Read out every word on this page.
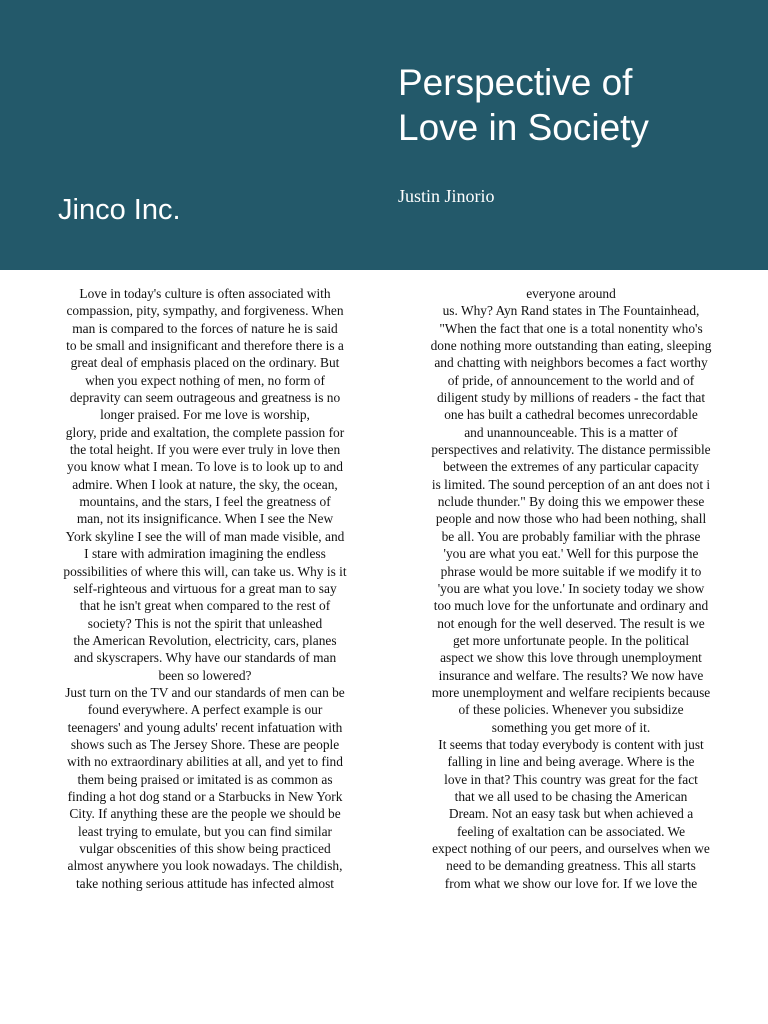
Perspective of
Love in Society
Justin Jinorio
Jinco Inc.
Love in today's culture is often associated with
compassion, pity, sympathy, and forgiveness. When
man is compared to the forces of nature he is said
to be small and insignificant and therefore there is a
great deal of emphasis placed on the ordinary. But
when you expect nothing of men, no form of
depravity can seem outrageous and greatness is no
longer praised. For me love is worship,
glory, pride and exaltation, the complete passion for
the total height. If you were ever truly in love then
you know what I mean. To love is to look up to and
admire. When I look at nature, the sky, the ocean,
mountains, and the stars, I feel the greatness of
man, not its insignificance. When I see the New
York skyline I see the will of man made visible, and
I stare with admiration imagining the endless
possibilities of where this will, can take us. Why is it
self-righteous and virtuous for a great man to say
that he isn't great when compared to the rest of
society? This is not the spirit that unleashed
the American Revolution, electricity, cars, planes
and skyscrapers. Why have our standards of man
been so lowered?
Just turn on the TV and our standards of men can be
found everywhere. A perfect example is our
teenagers' and young adults' recent infatuation with
shows such as The Jersey Shore. These are people
with no extraordinary abilities at all, and yet to find
them being praised or imitated is as common as
finding a hot dog stand or a Starbucks in New York
City. If anything these are the people we should be
least trying to emulate, but you can find similar
vulgar obscenities of this show being practiced
almost anywhere you look nowadays. The childish,
take nothing serious attitude has infected almost
everyone around
us. Why? Ayn Rand states in The Fountainhead,
"When the fact that one is a total nonentity who's
done nothing more outstanding than eating, sleeping
and chatting with neighbors becomes a fact worthy
of pride, of announcement to the world and of
diligent study by millions of readers - the fact that
one has built a cathedral becomes unrecordable
and unannounceable. This is a matter of
perspectives and relativity. The distance permissible
between the extremes of any particular capacity
is limited. The sound perception of an ant does not i
nclude thunder." By doing this we empower these
people and now those who had been nothing, shall
be all. You are probably familiar with the phrase
'you are what you eat.' Well for this purpose the
phrase would be more suitable if we modify it to
'you are what you love.' In society today we show
too much love for the unfortunate and ordinary and
not enough for the well deserved. The result is we
get more unfortunate people. In the political
aspect we show this love through unemployment
insurance and welfare. The results? We now have
more unemployment and welfare recipients because
of these policies. Whenever you subsidize
something you get more of it.
It seems that today everybody is content with just
falling in line and being average. Where is the
love in that? This country was great for the fact
that we all used to be chasing the American
Dream. Not an easy task but when achieved a
feeling of exaltation can be associated. We
expect nothing of our peers, and ourselves when we
need to be demanding greatness. This all starts
from what we show our love for. If we love the
